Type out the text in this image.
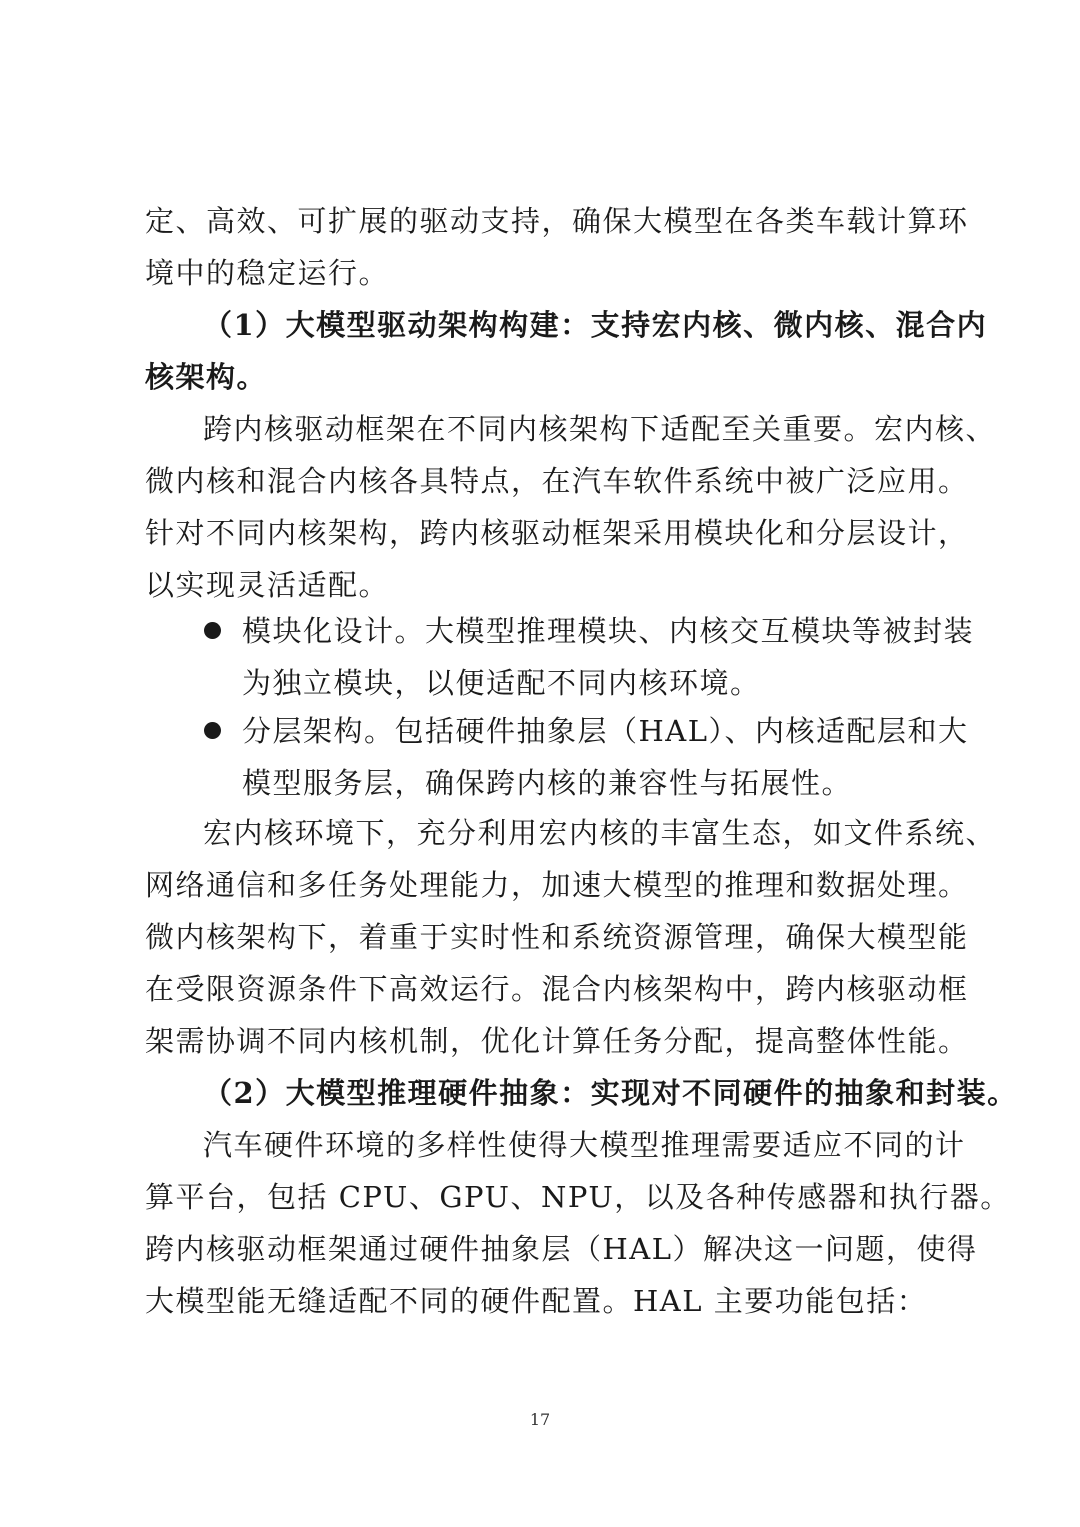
定、高效、可扩展的驱动支持，确保大模型在各类车载计算环
境中的稳定运行。
（1）大模型驱动架构构建：支持宏内核、微内核、混合内
核架构。
跨内核驱动框架在不同内核架构下适配至关重要。宏内核、
微内核和混合内核各具特点，在汽车软件系统中被广泛应用。
针对不同内核架构，跨内核驱动框架采用模块化和分层设计，
以实现灵活适配。
模块化设计。大模型推理模块、内核交互模块等被封装
为独立模块，以便适配不同内核环境。
分层架构。包括硬件抽象层（HAL）、内核适配层和大
模型服务层，确保跨内核的兼容性与拓展性。
宏内核环境下，充分利用宏内核的丰富生态，如文件系统、
网络通信和多任务处理能力，加速大模型的推理和数据处理。
微内核架构下，着重于实时性和系统资源管理，确保大模型能
在受限资源条件下高效运行。混合内核架构中，跨内核驱动框
架需协调不同内核机制，优化计算任务分配，提高整体性能。
（2）大模型推理硬件抽象：实现对不同硬件的抽象和封装。
汽车硬件环境的多样性使得大模型推理需要适应不同的计
算平台，包括 CPU、GPU、NPU，以及各种传感器和执行器。
跨内核驱动框架通过硬件抽象层（HAL）解决这一问题，使得
大模型能无缝适配不同的硬件配置。HAL 主要功能包括：
17
